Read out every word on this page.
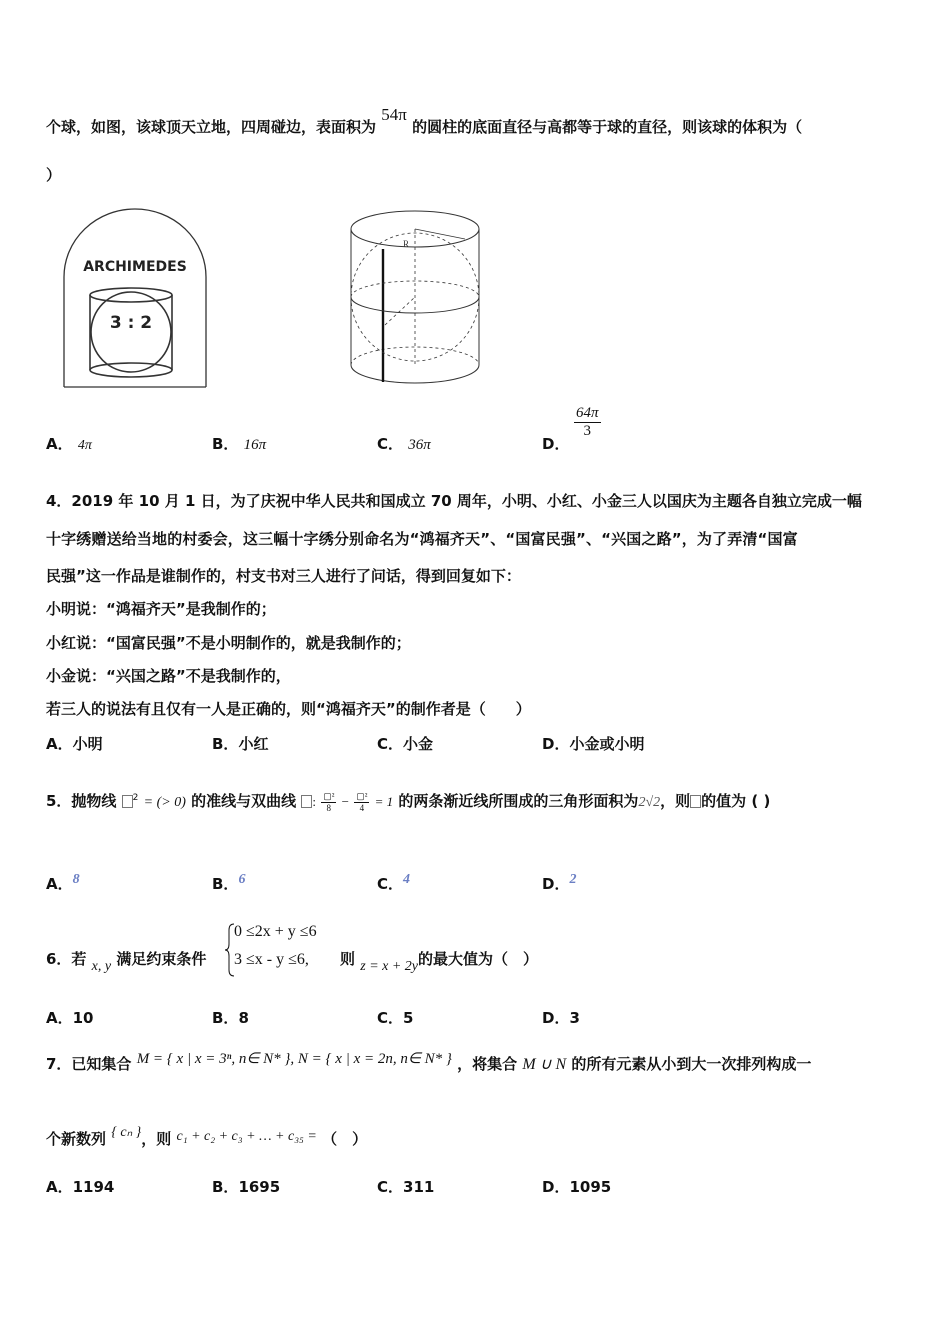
个球，如图，该球顶天立地，四周碰边，表面积为 54π 的圆柱的底面直径与高都等于球的直径，则该球的体积为（
）
ARCHIMEDES
3 : 2
R
A． 4π	B． 16π	C． 36π	D．
$\frac{64\pi}{3}$
4．2019 年 10 月 1 日，为了庆祝中华人民共和国成立 70 周年，小明、小红、小金三人以国庆为主题各自独立完成一幅
十字绣赠送给当地的村委会，这三幅十字绣分别命名为“鸿福齐天”、“国富民强”、“兴国之路”，为了弄清“国富
民强”这一作品是谁制作的，村支书对三人进行了问话，得到回复如下：
小明说：“鸿福齐天”是我制作的；
小红说：“国富民强”不是小明制作的，就是我制作的；
小金说：“兴国之路”不是我制作的，
若三人的说法有且仅有一人是正确的，则“鸿福齐天”的制作者是（　　）
A．小明	B．小红	C．小金	D．小金或小明
5．抛物线 $^2$ = (> 0) 的准线与双曲线 : $\frac{\text{▢²}}{8} - \frac{\text{▢²}}{4} = 1$ 的两条渐近线所围成的三角形面积为2√2，则 的值为 ( )
A．8	B．6	C．4	D．2
6．若 x, y 满足约束条件
0 ≤2x + y ≤6
3 ≤x - y ≤6, 则 z = x + 2y的最大值为（　）
A．10	B．8	C．5	D．3
7．已知集合 M = { x | x = 3ⁿ, n∈ N* }, N = { x | x = 2n, n∈ N* } ，将集合 M ∪ N 的所有元素从小到大一次排列构成一
个新数列 { cₙ }，则 c₁ + c₂ + c₃ + … + c₃₅ = （　）
A．1194	B．1695	C．311	D．1095
